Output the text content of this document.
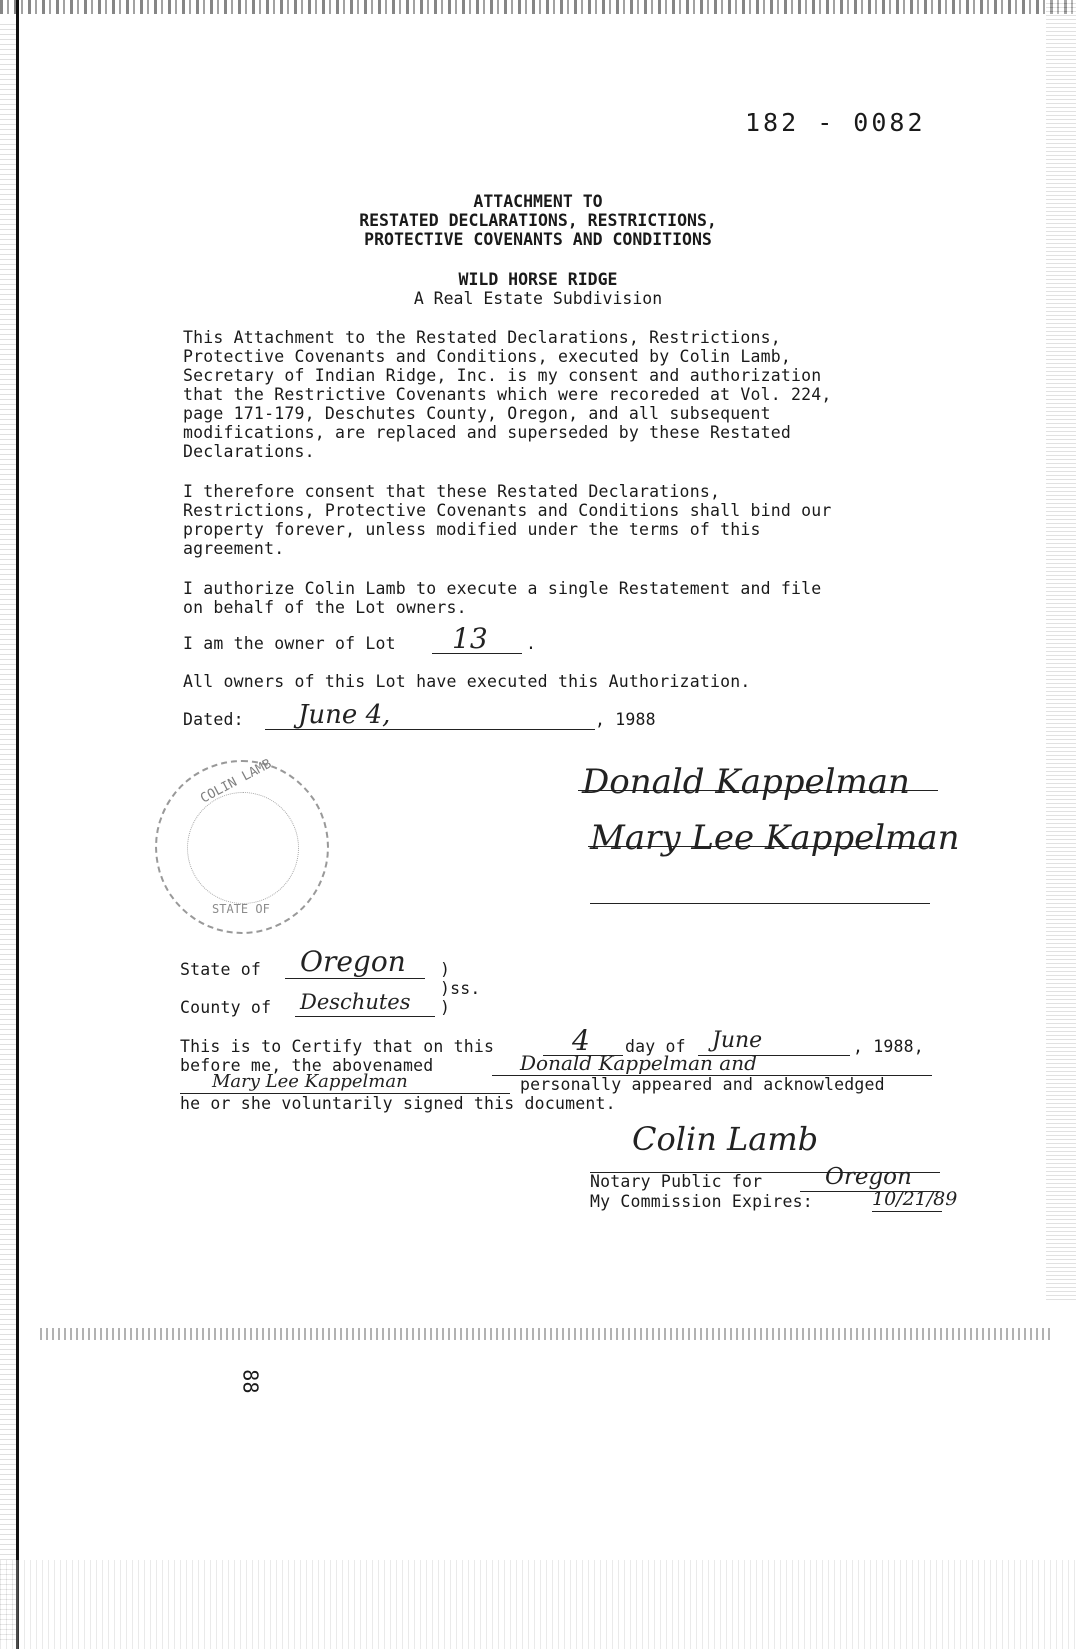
182 - 0082
ATTACHMENT TO
RESTATED DECLARATIONS, RESTRICTIONS,
PROTECTIVE COVENANTS AND CONDITIONS
WILD HORSE RIDGE
A Real Estate Subdivision
This Attachment to the Restated Declarations, Restrictions,
Protective Covenants and Conditions, executed by Colin Lamb,
Secretary of Indian Ridge, Inc. is my consent and authorization
that the Restrictive Covenants which were recoreded at Vol. 224,
page 171-179, Deschutes County, Oregon, and all subsequent
modifications, are replaced and superseded by these Restated
Declarations.
I therefore consent that these Restated Declarations,
Restrictions, Protective Covenants and Conditions shall bind our
property forever, unless modified under the terms of this
agreement.
I authorize Colin Lamb to execute a single Restatement and file
on behalf of the Lot owners.
I am the owner of Lot 13 .
All owners of this Lot have executed this Authorization.
Dated: June 4,	, 1988
COLIN LAMB
STATE OF
Donald Kappelman
Mary Lee Kappelman
State of Oregon )
)ss.
County of Deschutes )
This is to Certify that on this	4 day of June	, 1988,
before me, the abovenamed	Donald Kappelman and
Mary Lee Kappelman	personally appeared and acknowledged
he or she voluntarily signed this document.
Colin Lamb
Notary Public for	Oregon
My Commission Expires:	10/21/89
88
